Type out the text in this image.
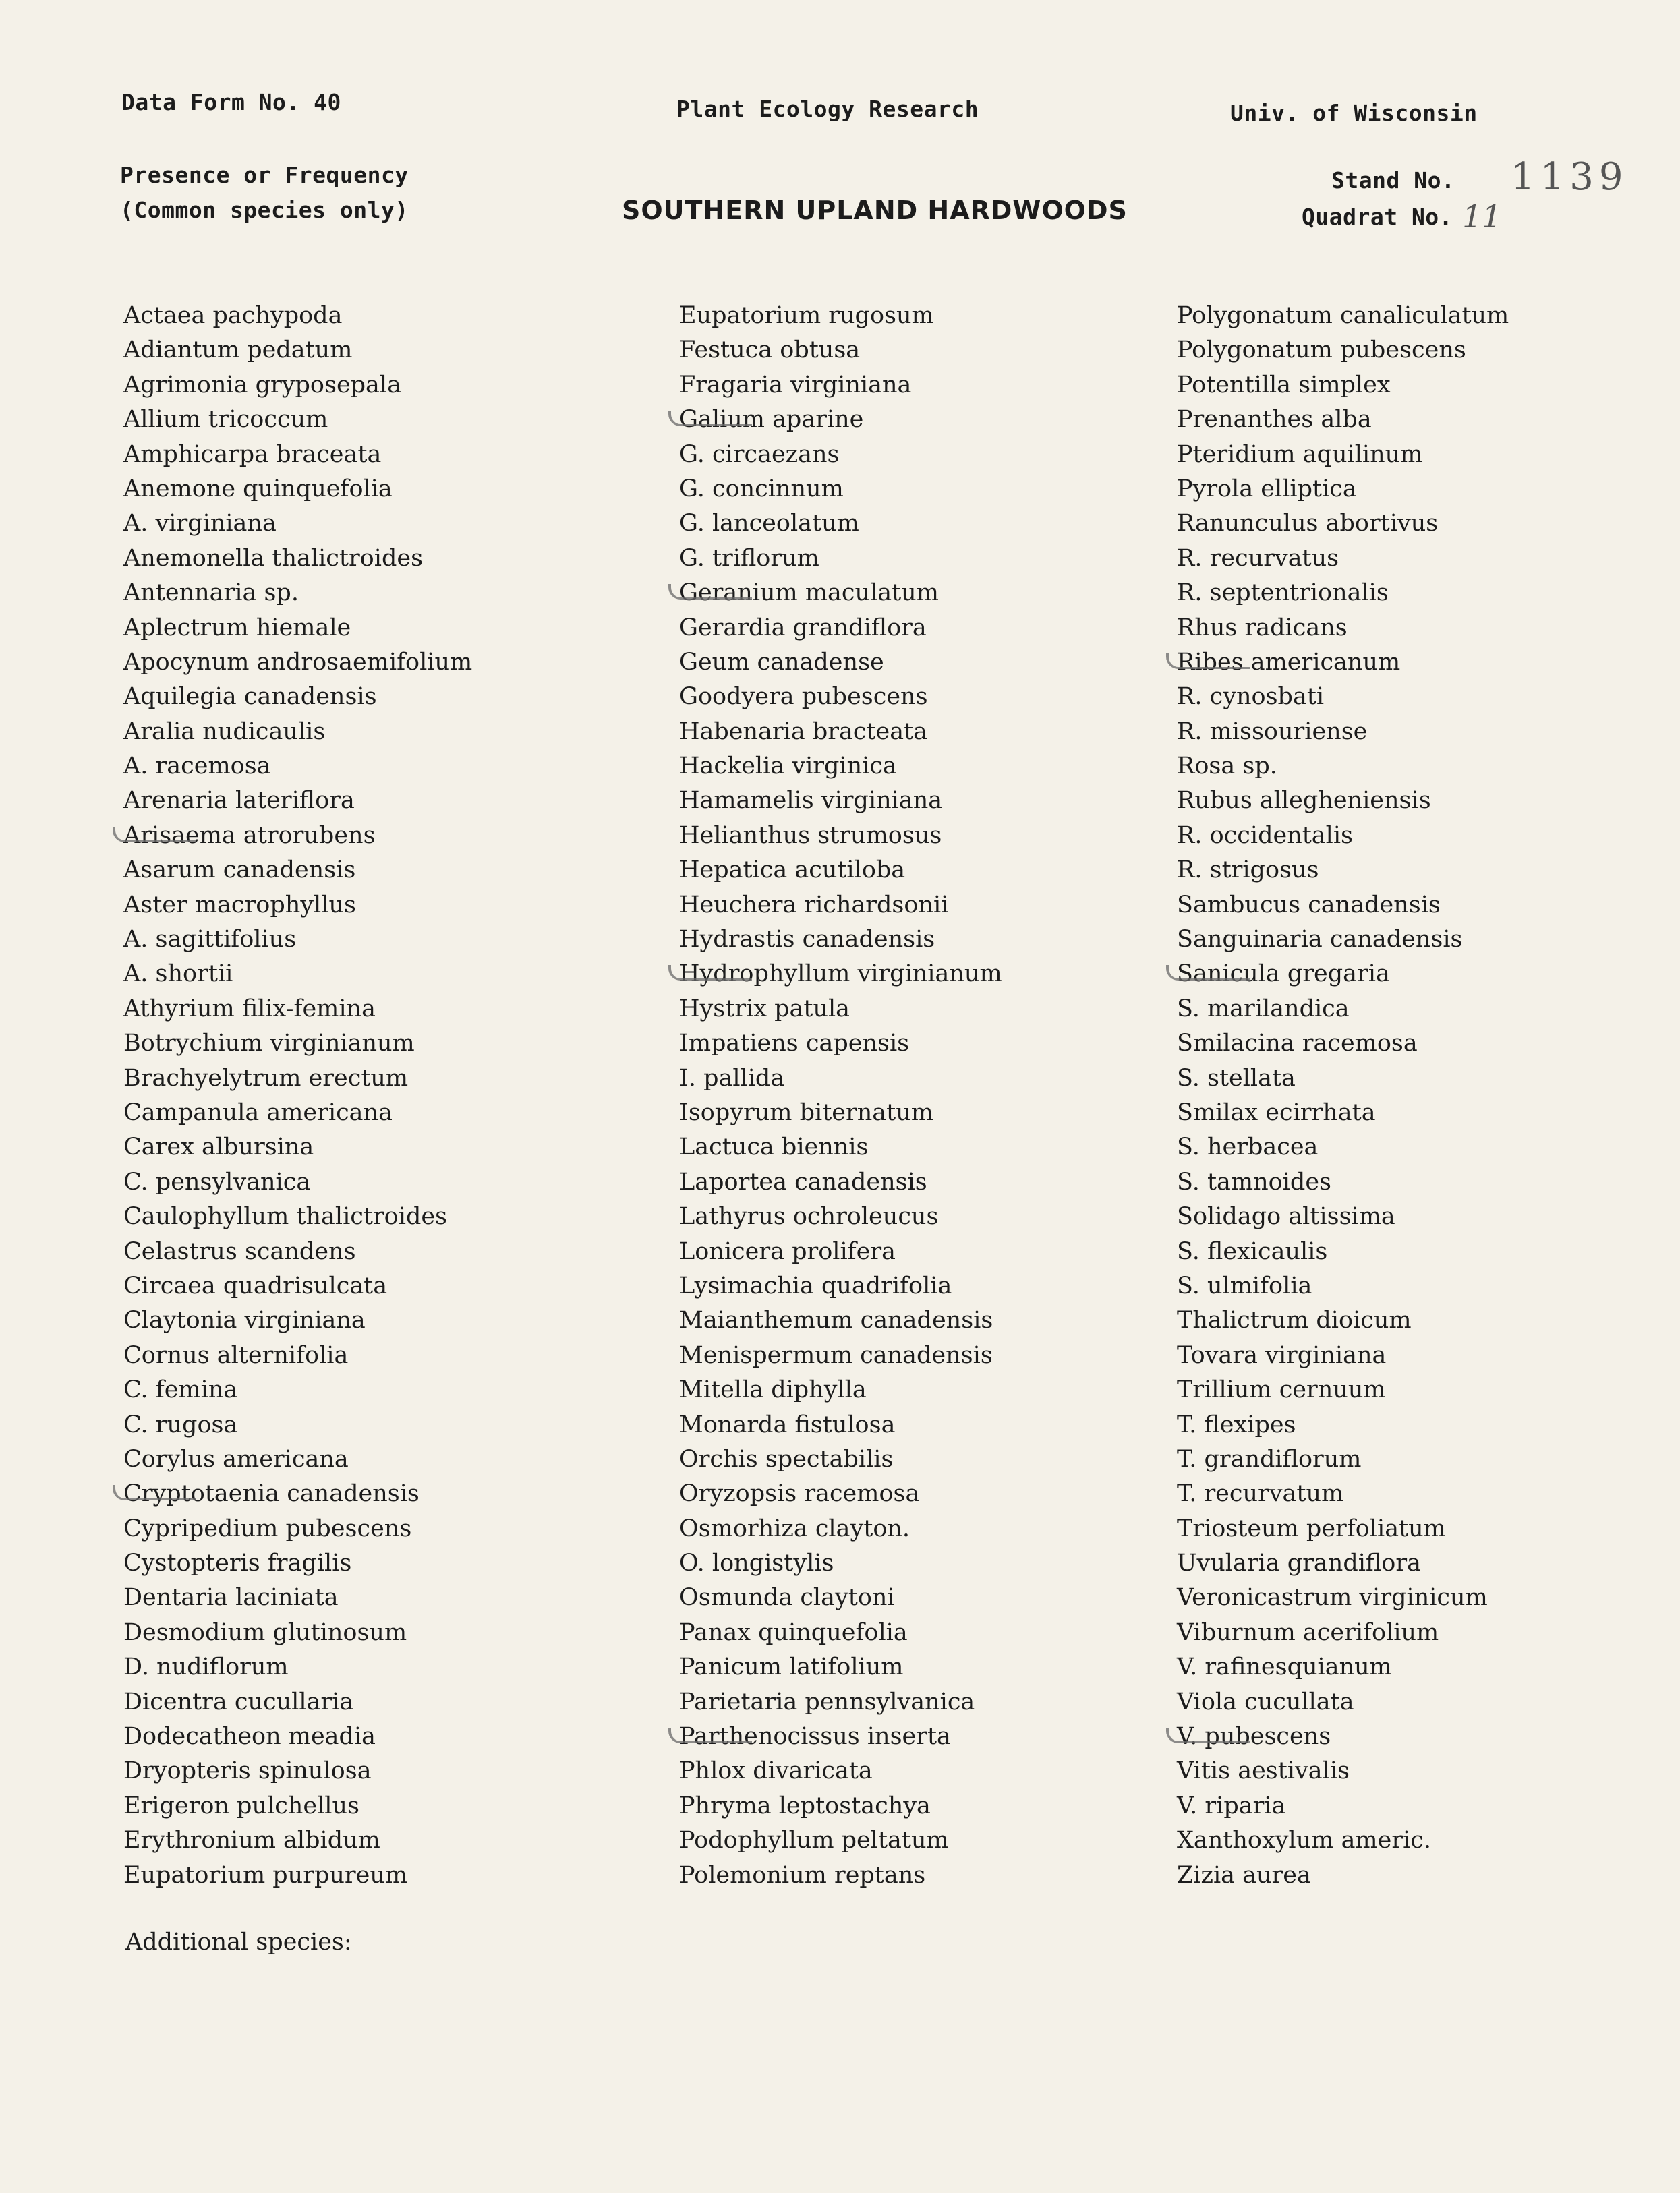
Data Form No. 40	Plant Ecology Research	Univ. of Wisconsin
Presence or Frequency
(Common species only)	SOUTHERN UPLAND HARDWOODS
Stand No. 1139
Quadrat No. 11
Actaea pachypoda
Adiantum pedatum
Agrimonia gryposepala
Allium tricoccum
Amphicarpa braceata
Anemone quinquefolia
A. virginiana
Anemonella thalictroides
Antennaria sp.
Aplectrum hiemale
Apocynum androsaemifolium
Aquilegia canadensis
Aralia nudicaulis
A. racemosa
Arenaria lateriflora
Arisaema atrorubens
Asarum canadensis
Aster macrophyllus
A. sagittifolius
A. shortii
Athyrium filix-femina
Botrychium virginianum
Brachyelytrum erectum
Campanula americana
Carex albursina
C. pensylvanica
Caulophyllum thalictroides
Celastrus scandens
Circaea quadrisulcata
Claytonia virginiana
Cornus alternifolia
C. femina
C. rugosa
Corylus americana
Cryptotaenia canadensis
Cypripedium pubescens
Cystopteris fragilis
Dentaria laciniata
Desmodium glutinosum
D. nudiflorum
Dicentra cucullaria
Dodecatheon meadia
Dryopteris spinulosa
Erigeron pulchellus
Erythronium albidum
Eupatorium purpureum
Eupatorium rugosum
Festuca obtusa
Fragaria virginiana
Galium aparine
G. circaezans
G. concinnum
G. lanceolatum
G. triflorum
Geranium maculatum
Gerardia grandiflora
Geum canadense
Goodyera pubescens
Habenaria bracteata
Hackelia virginica
Hamamelis virginiana
Helianthus strumosus
Hepatica acutiloba
Heuchera richardsonii
Hydrastis canadensis
Hydrophyllum virginianum
Hystrix patula
Impatiens capensis
I. pallida
Isopyrum biternatum
Lactuca biennis
Laportea canadensis
Lathyrus ochroleucus
Lonicera prolifera
Lysimachia quadrifolia
Maianthemum canadensis
Menispermum canadensis
Mitella diphylla
Monarda fistulosa
Orchis spectabilis
Oryzopsis racemosa
Osmorhiza clayton.
O. longistylis
Osmunda claytoni
Panax quinquefolia
Panicum latifolium
Parietaria pennsylvanica
Parthenocissus inserta
Phlox divaricata
Phryma leptostachya
Podophyllum peltatum
Polemonium reptans
Polygonatum canaliculatum
Polygonatum pubescens
Potentilla simplex
Prenanthes alba
Pteridium aquilinum
Pyrola elliptica
Ranunculus abortivus
R. recurvatus
R. septentrionalis
Rhus radicans
Ribes americanum
R. cynosbati
R. missouriense
Rosa sp.
Rubus allegheniensis
R. occidentalis
R. strigosus
Sambucus canadensis
Sanguinaria canadensis
Sanicula gregaria
S. marilandica
Smilacina racemosa
S. stellata
Smilax ecirrhata
S. herbacea
S. tamnoides
Solidago altissima
S. flexicaulis
S. ulmifolia
Thalictrum dioicum
Tovara virginiana
Trillium cernuum
T. flexipes
T. grandiflorum
T. recurvatum
Triosteum perfoliatum
Uvularia grandiflora
Veronicastrum virginicum
Viburnum acerifolium
V. rafinesquianum
Viola cucullata
V. pubescens
Vitis aestivalis
V. riparia
Xanthoxylum americ.
Zizia aurea
Additional species:
